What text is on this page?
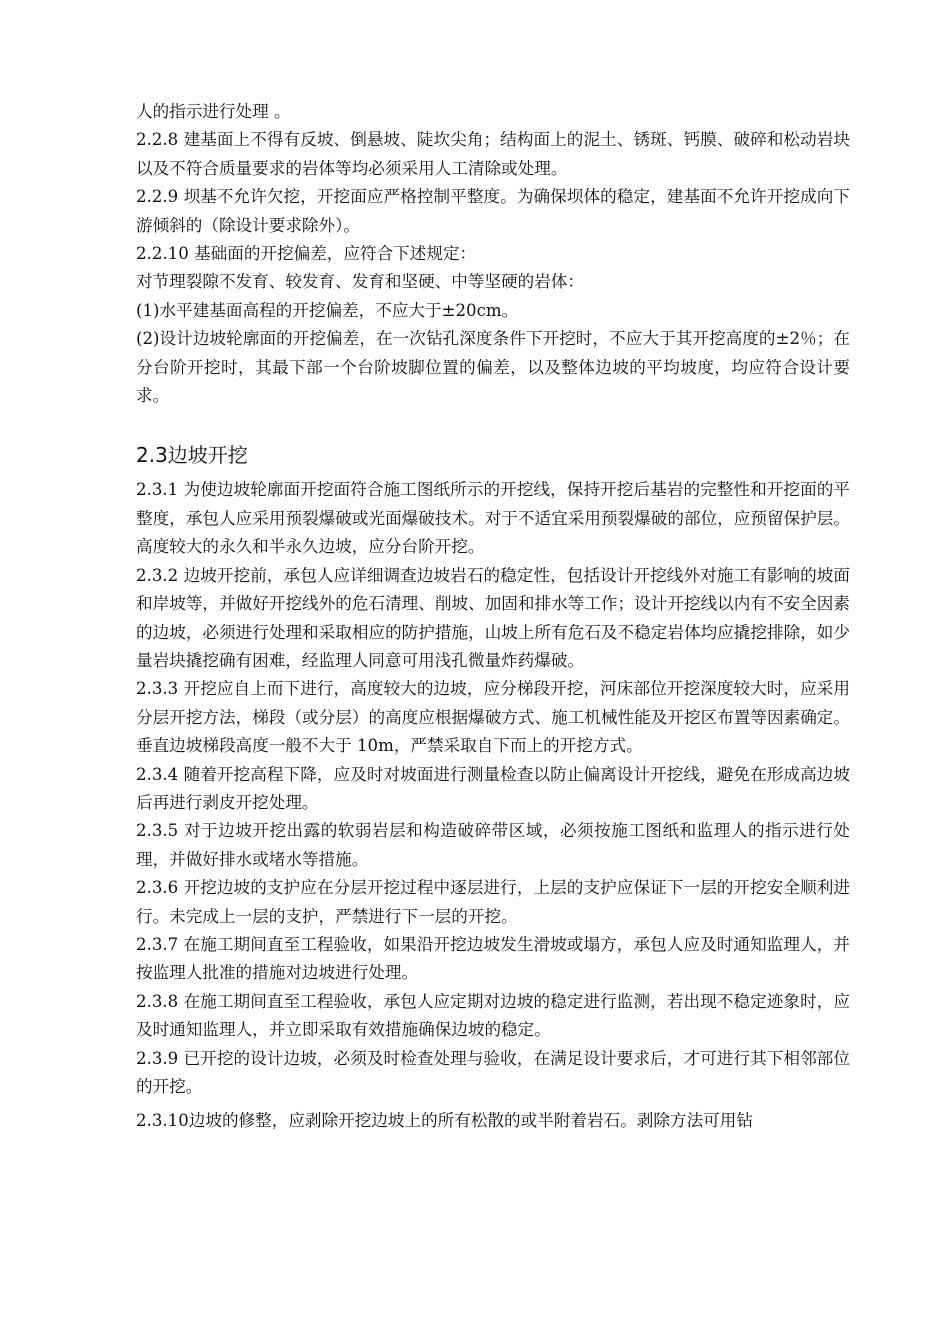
人的指示进行处理 。

2.2.8 建基面上不得有反坡、倒悬坡、陡坎尖角；结构面上的泥土、锈斑、钙膜、破碎和松动岩块以及不符合质量要求的岩体等均必须采用人工清除或处理。

2.2.9 坝基不允许欠挖，开挖面应严格控制平整度。为确保坝体的稳定，建基面不允许开挖成向下游倾斜的（除设计要求除外）。

2.2.10 基础面的开挖偏差，应符合下述规定：

对节理裂隙不发育、较发育、发育和坚硬、中等坚硬的岩体：

(1)水平建基面高程的开挖偏差，不应大于±20cm。

(2)设计边坡轮廓面的开挖偏差，在一次钻孔深度条件下开挖时，不应大于其开挖高度的±2％；在分台阶开挖时，其最下部一个台阶坡脚位置的偏差，以及整体边坡的平均坡度，均应符合设计要求。

2.3边坡开挖

2.3.1 为使边坡轮廓面开挖面符合施工图纸所示的开挖线，保持开挖后基岩的完整性和开挖面的平整度，承包人应采用预裂爆破或光面爆破技术。对于不适宜采用预裂爆破的部位，应预留保护层。高度较大的永久和半永久边坡，应分台阶开挖。

2.3.2 边坡开挖前，承包人应详细调查边坡岩石的稳定性，包括设计开挖线外对施工有影响的坡面和岸坡等，并做好开挖线外的危石清理、削坡、加固和排水等工作；设计开挖线以内有不安全因素的边坡，必须进行处理和采取相应的防护措施，山坡上所有危石及不稳定岩体均应撬挖排除，如少量岩块撬挖确有困难，经监理人同意可用浅孔微量炸药爆破。

2.3.3 开挖应自上而下进行，高度较大的边坡，应分梯段开挖，河床部位开挖深度较大时，应采用分层开挖方法，梯段（或分层）的高度应根据爆破方式、施工机械性能及开挖区布置等因素确定。垂直边坡梯段高度一般不大于 10m，严禁采取自下而上的开挖方式。

2.3.4 随着开挖高程下降，应及时对坡面进行测量检查以防止偏离设计开挖线，避免在形成高边坡后再进行剥皮开挖处理。

2.3.5 对于边坡开挖出露的软弱岩层和构造破碎带区域，必须按施工图纸和监理人的指示进行处理，并做好排水或堵水等措施。

2.3.6 开挖边坡的支护应在分层开挖过程中逐层进行，上层的支护应保证下一层的开挖安全顺利进行。未完成上一层的支护，严禁进行下一层的开挖。

2.3.7 在施工期间直至工程验收，如果沿开挖边坡发生滑坡或塌方，承包人应及时通知监理人，并按监理人批准的措施对边坡进行处理。

2.3.8 在施工期间直至工程验收，承包人应定期对边坡的稳定进行监测，若出现不稳定迹象时，应及时通知监理人，并立即采取有效措施确保边坡的稳定。

2.3.9 已开挖的设计边坡，必须及时检查处理与验收，在满足设计要求后，才可进行其下相邻部位的开挖。

2.3.10边坡的修整，应剥除开挖边坡上的所有松散的或半附着岩石。剥除方法可用钻
